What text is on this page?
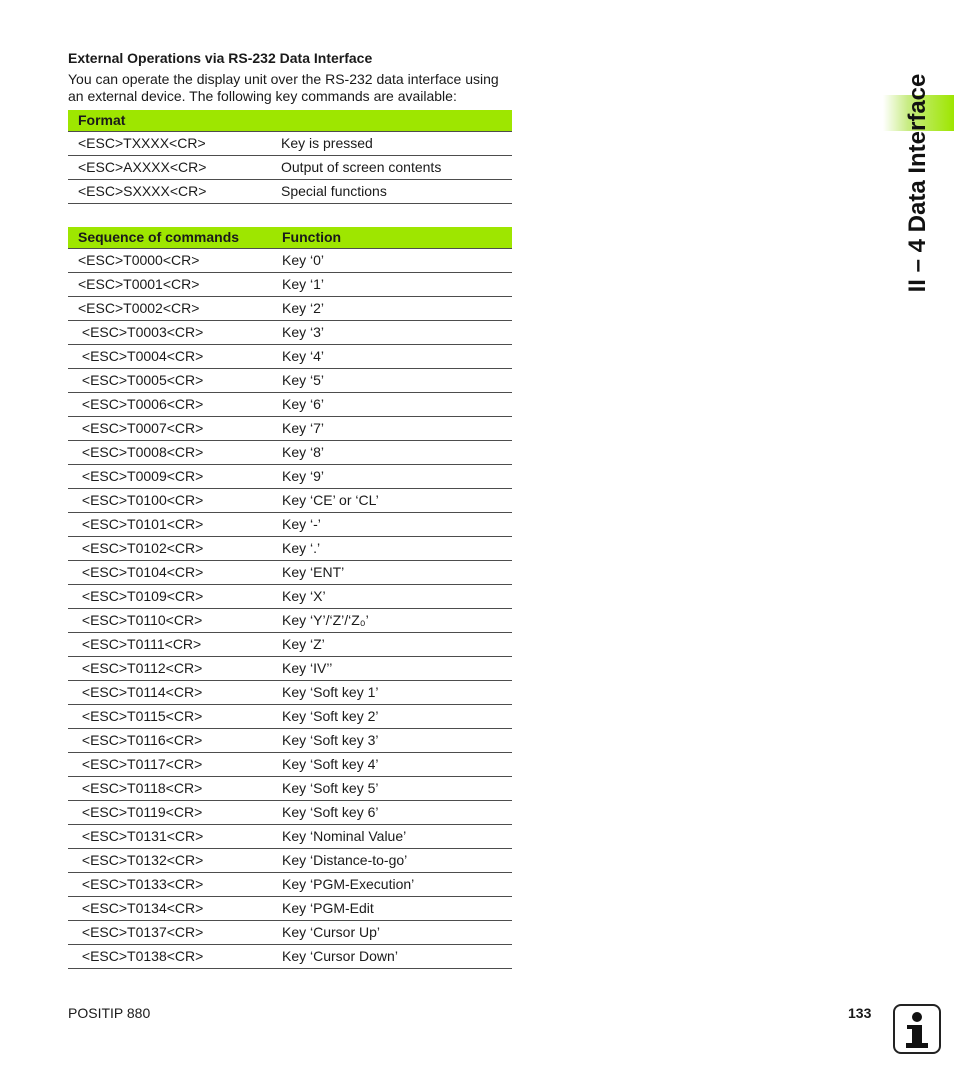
External Operations via RS-232 Data Interface

You can operate the display unit over the RS-232 data interface using an external device. The following key commands are available:

Format	
<ESC>TXXXX<CR>	Key is pressed
<ESC>AXXXX<CR>	Output of screen contents
<ESC>SXXXX<CR>	Special functions
Sequence of commands	Function
<ESC>T0000<CR>	Key ‘0’
<ESC>T0001<CR>	Key ‘1’
<ESC>T0002<CR>	Key ‘2’
<ESC>T0003<CR>	Key ‘3’
<ESC>T0004<CR>	Key ‘4’
<ESC>T0005<CR>	Key ‘5’
<ESC>T0006<CR>	Key ‘6’
<ESC>T0007<CR>	Key ‘7’
<ESC>T0008<CR>	Key ‘8’
<ESC>T0009<CR>	Key ‘9’
<ESC>T0100<CR>	Key ‘CE’ or ‘CL’
<ESC>T0101<CR>	Key ‘-’
<ESC>T0102<CR>	Key ‘.’
<ESC>T0104<CR>	Key ‘ENT’
<ESC>T0109<CR>	Key ‘X’
<ESC>T0110<CR>	Key ‘Y’/‘Z’/‘Z₀’
<ESC>T0111<CR>	Key ‘Z’
<ESC>T0112<CR>	Key ‘IV’’
<ESC>T0114<CR>	Key ‘Soft key 1’
<ESC>T0115<CR>	Key ‘Soft key 2’
<ESC>T0116<CR>	Key ‘Soft key 3’
<ESC>T0117<CR>	Key ‘Soft key 4’
<ESC>T0118<CR>	Key ‘Soft key 5’
<ESC>T0119<CR>	Key ‘Soft key 6’
<ESC>T0131<CR>	Key ‘Nominal Value’
<ESC>T0132<CR>	Key ‘Distance-to-go’
<ESC>T0133<CR>	Key ‘PGM-Execution’
<ESC>T0134<CR>	Key ‘PGM-Edit
<ESC>T0137<CR>	Key ‘Cursor Up’
<ESC>T0138<CR>	Key ‘Cursor Down’
II – 4 Data Interface
POSITIP 880	133
